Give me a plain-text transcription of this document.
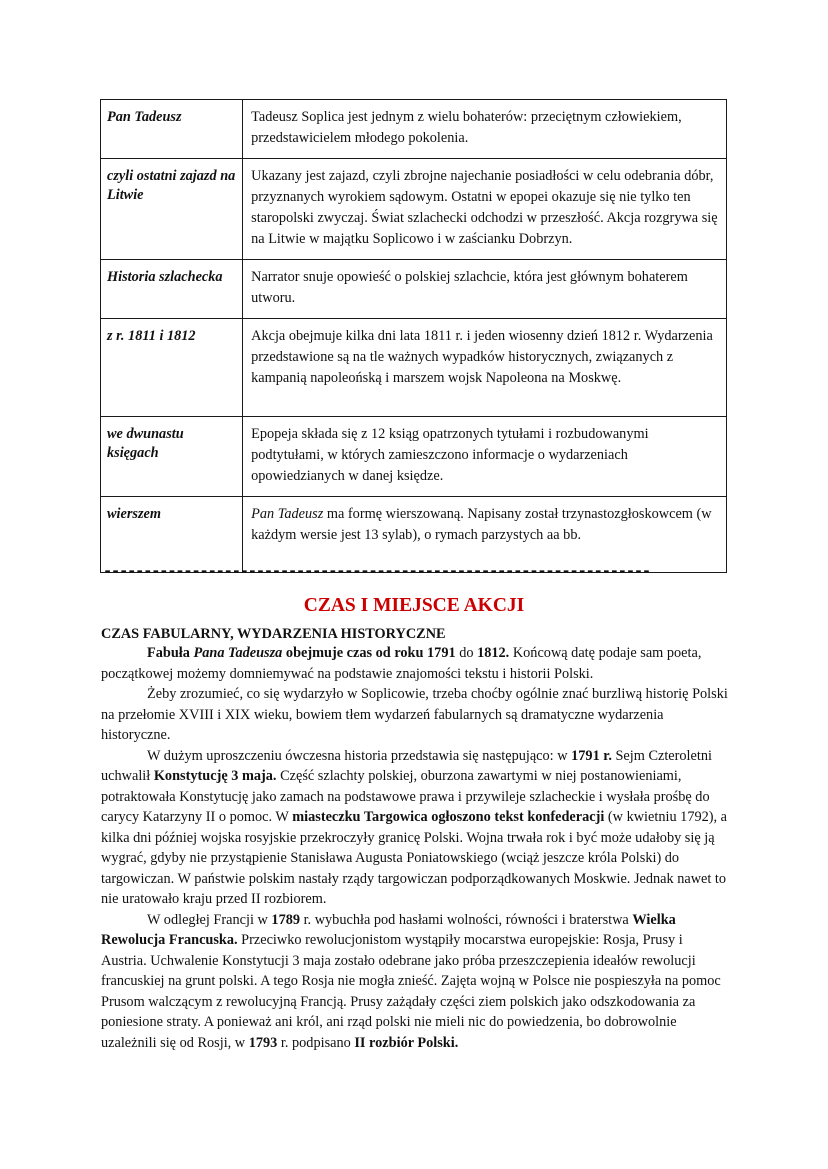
Pan Tadeusz	Tadeusz Soplica jest jednym z wielu bohaterów: przeciętnym człowiekiem, przedstawicielem młodego pokolenia.
czyli ostatni zajazd na Litwie	Ukazany jest zajazd, czyli zbrojne najechanie posiadłości w celu odebrania dóbr, przyznanych wyrokiem sądowym. Ostatni w epopei okazuje się nie tylko ten staropolski zwyczaj. Świat szlachecki odchodzi w przeszłość. Akcja rozgrywa się na Litwie w majątku Soplicowo i w zaścianku Dobrzyn.
Historia szlachecka	Narrator snuje opowieść o polskiej szlachcie, która jest głównym bohaterem utworu.
z r. 1811 i 1812	Akcja obejmuje kilka dni lata 1811 r. i jeden wiosenny dzień 1812 r. Wydarzenia przedstawione są na tle ważnych wypadków historycznych, związanych z kampanią napoleońską i marszem wojsk Napoleona na Moskwę.
we dwunastu księgach	Epopeja składa się z 12 ksiąg opatrzonych tytułami i rozbudowanymi podtytułami, w których zamieszczono informacje o wydarzeniach opowiedzianych w danej księdze.
wierszem	Pan Tadeusz ma formę wierszowaną. Napisany został trzynastozgłoskowcem (w każdym wersie jest 13 sylab), o rymach parzystych aa bb.
--------------------------------------------------------------------
CZAS I MIEJSCE AKCJI
CZAS FABULARNY, WYDARZENIA HISTORYCZNE

Fabuła Pana Tadeusza obejmuje czas od roku 1791 do 1812. Końcową datę podaje sam poeta, początkowej możemy domniemywać na podstawie znajomości tekstu i historii Polski.

Żeby zrozumieć, co się wydarzyło w Soplicowie, trzeba choćby ogólnie znać burzliwą historię Polski na przełomie XVIII i XIX wieku, bowiem tłem wydarzeń fabularnych są dramatyczne wydarzenia historyczne.

W dużym uproszczeniu ówczesna historia przedstawia się następująco: w 1791 r. Sejm Czteroletni uchwalił Konstytucję 3 maja. Część szlachty polskiej, oburzona zawartymi w niej postanowieniami, potraktowała Konstytucję jako zamach na podstawowe prawa i przywileje szlacheckie i wysłała prośbę do carycy Katarzyny II o pomoc. W miasteczku Targowica ogłoszono tekst konfederacji (w kwietniu 1792), a kilka dni później wojska rosyjskie przekroczyły granicę Polski. Wojna trwała rok i być może udałoby się ją wygrać, gdyby nie przystąpienie Stanisława Augusta Poniatowskiego (wciąż jeszcze króla Polski) do targowiczan. W państwie polskim nastały rządy targowiczan podporządkowanych Moskwie. Jednak nawet to nie uratowało kraju przed II rozbiorem.

W odległej Francji w 1789 r. wybuchła pod hasłami wolności, równości i braterstwa Wielka Rewolucja Francuska. Przeciwko rewolucjonistom wystąpiły mocarstwa europejskie: Rosja, Prusy i Austria. Uchwalenie Konstytucji 3 maja zostało odebrane jako próba przeszczepienia ideałów rewolucji francuskiej na grunt polski. A tego Rosja nie mogła znieść. Zajęta wojną w Polsce nie pospieszyła na pomoc Prusom walczącym z rewolucyjną Francją. Prusy zażądały części ziem polskich jako odszkodowania za poniesione straty. A ponieważ ani król, ani rząd polski nie mieli nic do powiedzenia, bo dobrowolnie uzależnili się od Rosji, w 1793 r. podpisano II rozbiór Polski.
